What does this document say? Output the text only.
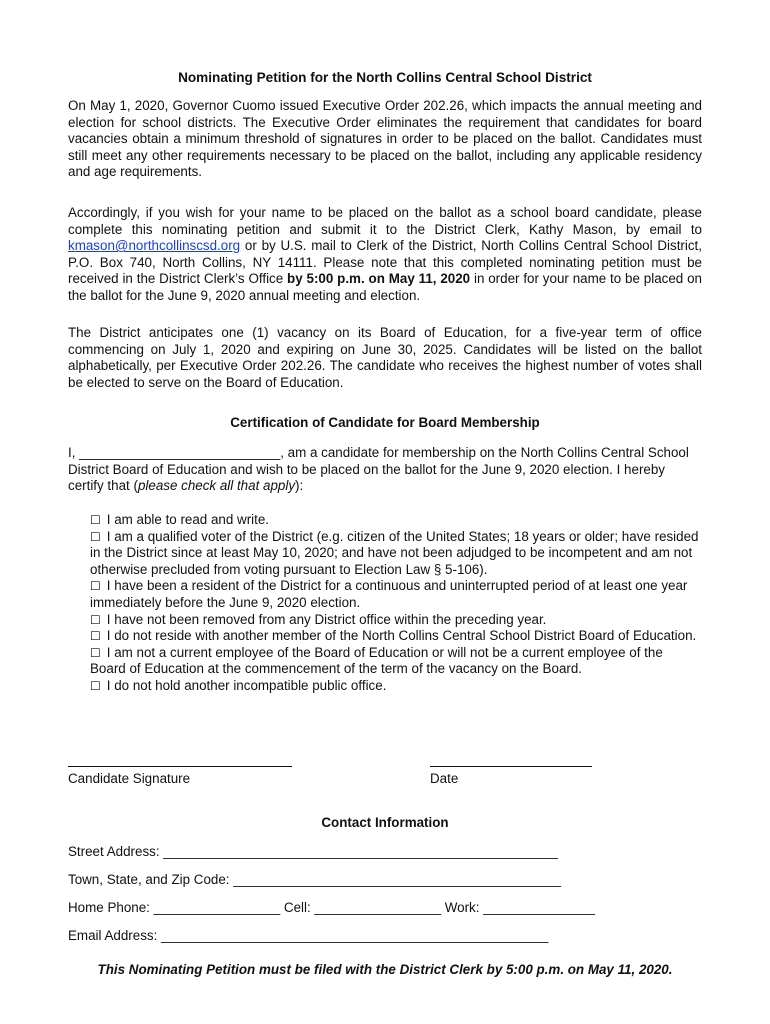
Nominating Petition for the North Collins Central School District

On May 1, 2020, Governor Cuomo issued Executive Order 202.26, which impacts the annual meeting and election for school districts. The Executive Order eliminates the requirement that candidates for board vacancies obtain a minimum threshold of signatures in order to be placed on the ballot. Candidates must still meet any other requirements necessary to be placed on the ballot, including any applicable residency and age requirements.

Accordingly, if you wish for your name to be placed on the ballot as a school board candidate, please complete this nominating petition and submit it to the District Clerk, Kathy Mason, by email to kmason@northcollinscsd.org or by U.S. mail to Clerk of the District, North Collins Central School District, P.O. Box 740, North Collins, NY 14111. Please note that this completed nominating petition must be received in the District Clerk’s Office by 5:00 p.m. on May 11, 2020 in order for your name to be placed on the ballot for the June 9, 2020 annual meeting and election.

The District anticipates one (1) vacancy on its Board of Education, for a five-year term of office commencing on July 1, 2020 and expiring on June 30, 2025. Candidates will be listed on the ballot alphabetically, per Executive Order 202.26. The candidate who receives the highest number of votes shall be elected to serve on the Board of Education.

Certification of Candidate for Board Membership

I, ___________________________, am a candidate for membership on the North Collins Central School District Board of Education and wish to be placed on the ballot for the June 9, 2020 election. I hereby certify that (please check all that apply):

☐ I am able to read and write.
☐ I am a qualified voter of the District (e.g. citizen of the United States; 18 years or older; have resided in the District since at least May 10, 2020; and have not been adjudged to be incompetent and am not otherwise precluded from voting pursuant to Election Law § 5-106).
☐ I have been a resident of the District for a continuous and uninterrupted period of at least one year immediately before the June 9, 2020 election.
☐ I have not been removed from any District office within the preceding year.
☐ I do not reside with another member of the North Collins Central School District Board of Education.
☐ I am not a current employee of the Board of Education or will not be a current employee of the Board of Education at the commencement of the term of the vacancy on the Board.
☐ I do not hold another incompatible public office.
Candidate Signature	Date
Contact Information
Street Address: _____________________________________________________
Town, State, and Zip Code: ____________________________________________
Home Phone: _________________ Cell: _________________ Work: _______________
Email Address: ____________________________________________________
This Nominating Petition must be filed with the District Clerk by 5:00 p.m. on May 11, 2020.
